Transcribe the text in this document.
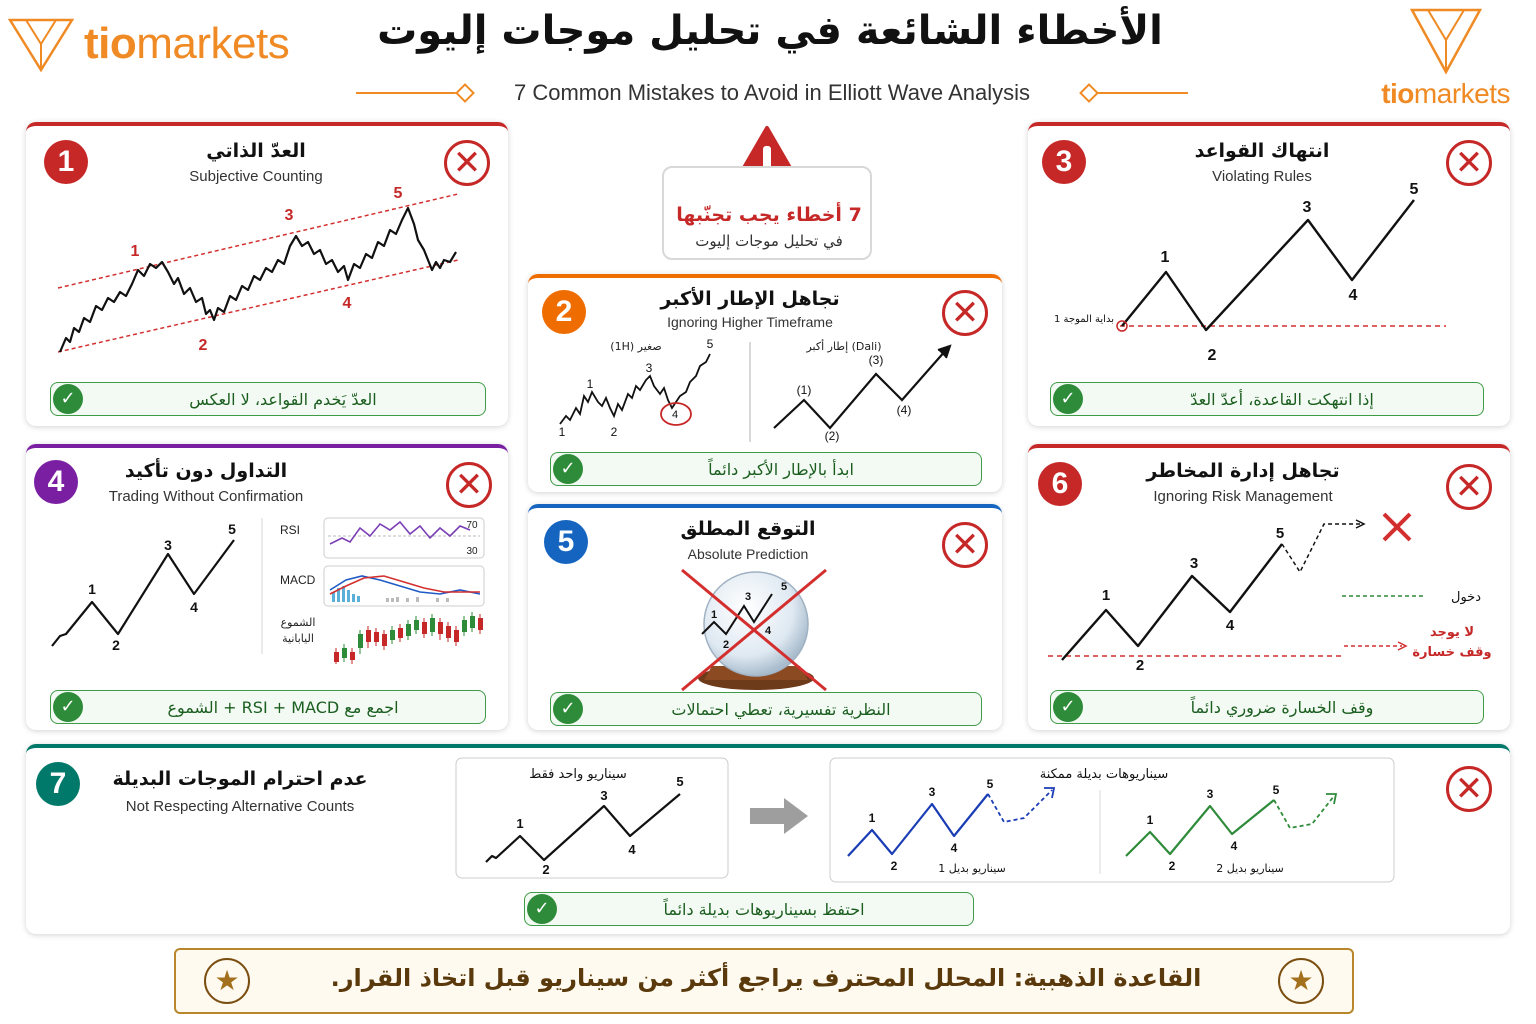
tiomarkets
tiomarkets
الأخطاء الشائعة في تحليل موجات إليوت
7 Common Mistakes to Avoid in Elliott Wave Analysis
7 أخطاء يجب تجنّبها
في تحليل موجات إليوت
1	العدّ الذاتي
Subjective Counting	✕
1
2
3
4
5
✓	العدّ يَخدم القواعد، لا العكس
2	تجاهل الإطار الأكبر
Ignoring Higher Timeframe	✕
(1H) صغير	إطار أكبر (Dali)
1
1
2
3
4
5
(1)
(2)
(3)
(4)
✓	ابدأ بالإطار الأكبر دائماً
3	انتهاك القواعد
Violating Rules	✕
بداية الموجة 1
1
2
3
4
5
✓	إذا انتهكت القاعدة، أعدّ العدّ
4	التداول دون تأكيد
Trading Without Confirmation	✕
1
2
3
4
5	RSI	70
30
MACD
الشموع
اليابانية
✓	اجمع مع RSI + MACD + الشموع
5	التوقع المطلق
Absolute Prediction	✕
1
2
3
4
5
✓	النظرية تفسيرية، تعطي احتمالات
6	تجاهل إدارة المخاطر
Ignoring Risk Management	✕
1
2
3
4
5
دخول
لا يوجد
وقف خسارة
✓	وقف الخسارة ضروري دائماً
7	عدم احترام الموجات البديلة
Not Respecting Alternative Counts	✕
سيناريو واحد فقط
1
2
3
4
5	سيناريوهات بديلة ممكنة
1
2
3
4
5
سيناريو بديل 1
1
2
3
4
5
سيناريو بديل 2
✓	احتفظ بسيناريوهات بديلة دائماً
★	القاعدة الذهبية: المحلل المحترف يراجع أكثر من سيناريو قبل اتخاذ القرار.	★
